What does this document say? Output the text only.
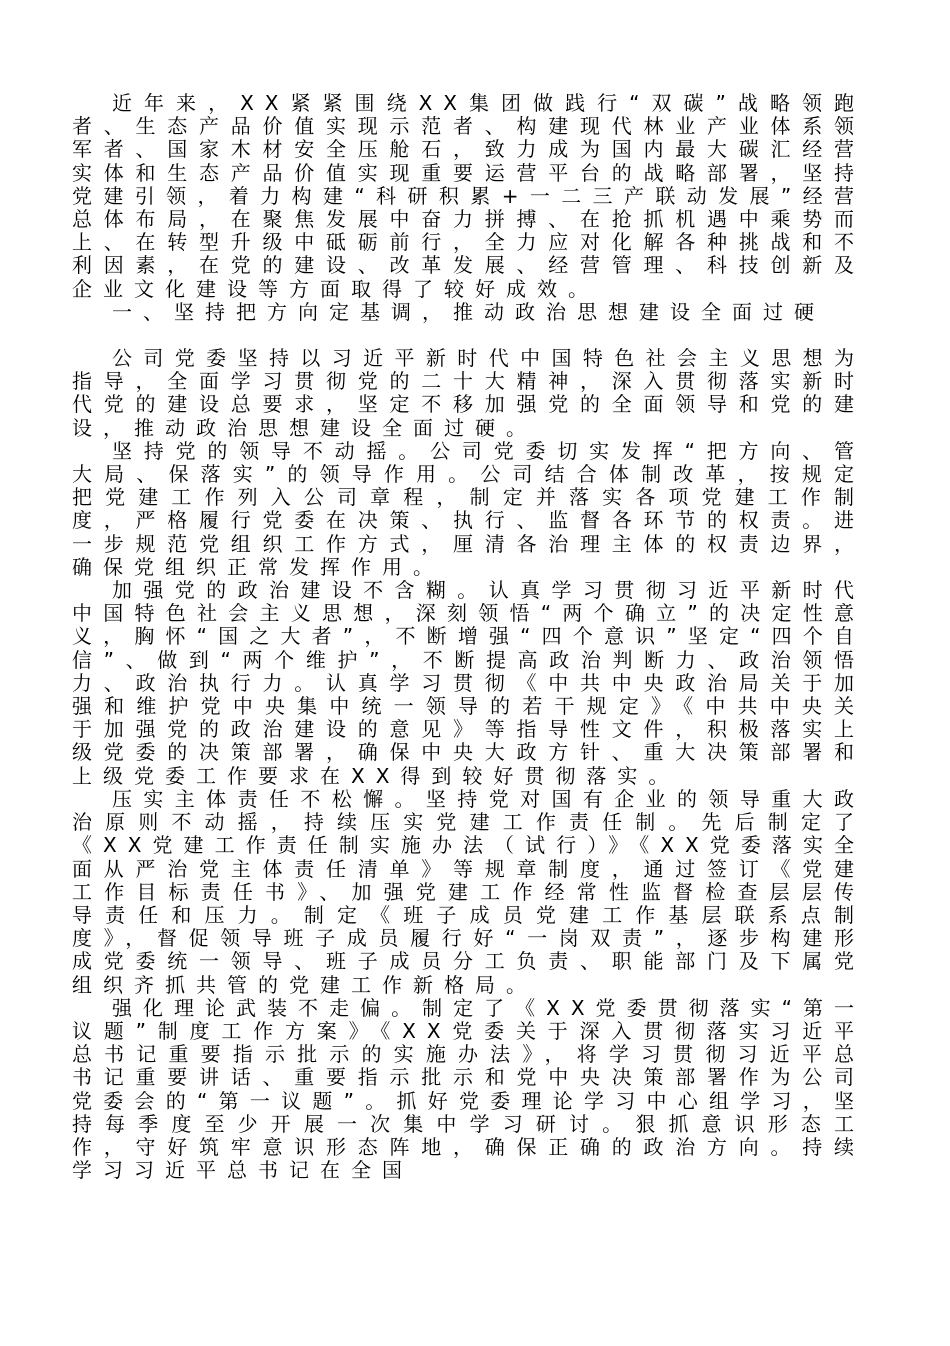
近年来，XX紧紧围绕XX集团做践行“双碳”战略领跑者、生态产品价值实现示范者、构建现代林业产业体系领军者、国家木材安全压舱石，致力成为国内最大碳汇经营实体和生态产品价值实现重要运营平台的战略部署，坚持党建引领，着力构建“科研积累+一二三产联动发展”经营总体布局，在聚焦发展中奋力拼搏、在抢抓机遇中乘势而上、在转型升级中砥砺前行，全力应对化解各种挑战和不利因素，在党的建设、改革发展、经营管理、科技创新及企业文化建设等方面取得了较好成效。

一、坚持把方向定基调，推动政治思想建设全面过硬

公司党委坚持以习近平新时代中国特色社会主义思想为指导，全面学习贯彻党的二十大精神，深入贯彻落实新时代党的建设总要求，坚定不移加强党的全面领导和党的建设，推动政治思想建设全面过硬。

坚持党的领导不动摇。公司党委切实发挥“把方向、管大局、保落实”的领导作用。公司结合体制改革，按规定把党建工作列入公司章程，制定并落实各项党建工作制度，严格履行党委在决策、执行、监督各环节的权责。进一步规范党组织工作方式，厘清各治理主体的权责边界，确保党组织正常发挥作用。

加强党的政治建设不含糊。认真学习贯彻习近平新时代中国特色社会主义思想，深刻领悟“两个确立”的决定性意义，胸怀“国之大者”，不断增强“四个意识”坚定“四个自信”、做到“两个维护”，不断提高政治判断力、政治领悟力、政治执行力。认真学习贯彻《中共中央政治局关于加强和维护党中央集中统一领导的若干规定》《中共中央关于加强党的政治建设的意见》等指导性文件，积极落实上级党委的决策部署，确保中央大政方针、重大决策部署和上级党委工作要求在XX得到较好贯彻落实。

压实主体责任不松懈。坚持党对国有企业的领导重大政治原则不动摇，持续压实党建工作责任制。先后制定了《XX党建工作责任制实施办法（试行）》《XX党委落实全面从严治党主体责任清单》等规章制度，通过签订《党建工作目标责任书》、加强党建工作经常性监督检查层层传导责任和压力。制定《班子成员党建工作基层联系点制度》，督促领导班子成员履行好“一岗双责”，逐步构建形成党委统一领导、班子成员分工负责、职能部门及下属党组织齐抓共管的党建工作新格局。

强化理论武装不走偏。制定了《XX党委贯彻落实“第一议题”制度工作方案》《XX党委关于深入贯彻落实习近平总书记重要指示批示的实施办法》，将学习贯彻习近平总书记重要讲话、重要指示批示和党中央决策部署作为公司党委会的“第一议题”。抓好党委理论学习中心组学习，坚持每季度至少开展一次集中学习研讨。狠抓意识形态工作，守好筑牢意识形态阵地，确保正确的政治方向。持续学习习近平总书记在全国
